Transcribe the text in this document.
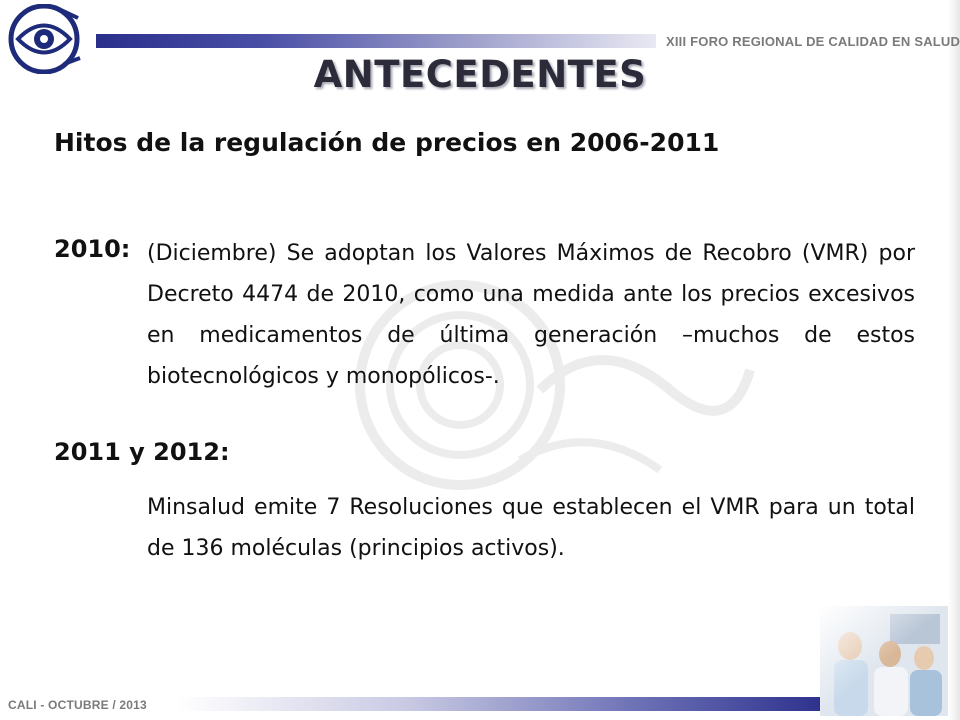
XIII FORO REGIONAL DE CALIDAD EN SALUD
ANTECEDENTES
Hitos de la regulación de precios en 2006-2011
2010: (Diciembre) Se adoptan los Valores Máximos de Recobro (VMR) por Decreto 4474 de 2010, como una medida ante los precios excesivos en medicamentos de última generación –muchos de estos biotecnológicos y monopólicos-.
2011 y 2012:
Minsalud emite 7 Resoluciones que establecen el VMR para un total de 136 moléculas (principios activos).
CALI - OCTUBRE / 2013
